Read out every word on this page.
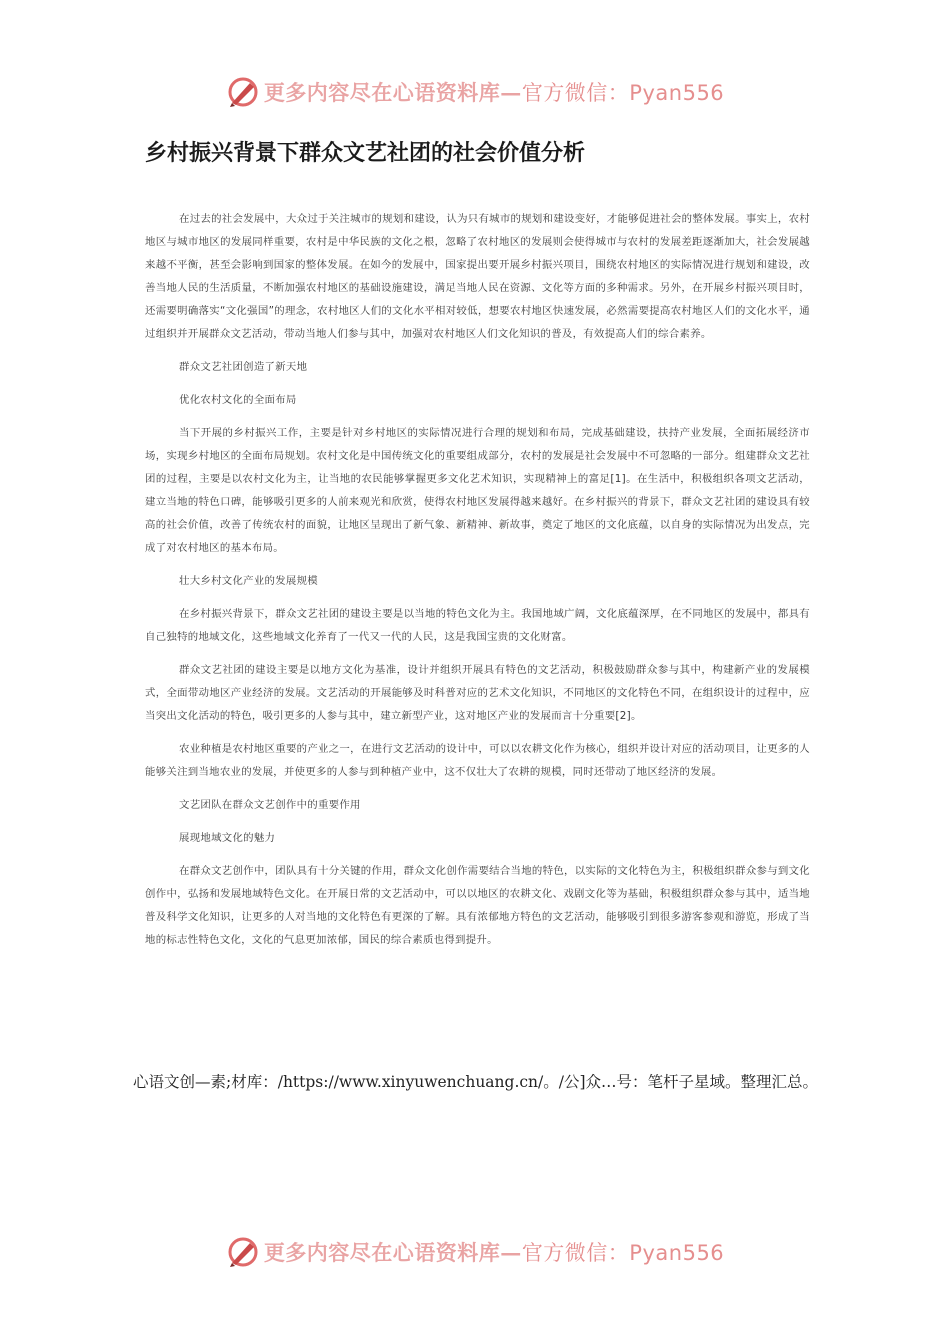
更多内容尽在心语资料库—官方微信：Pyan556
乡村振兴背景下群众文艺社团的社会价值分析

在过去的社会发展中，大众过于关注城市的规划和建设，认为只有城市的规划和建设变好，才能够促进社会的整体发展。事实上，农村地区与城市地区的发展同样重要，农村是中华民族的文化之根，忽略了农村地区的发展则会使得城市与农村的发展差距逐渐加大，社会发展越来越不平衡，甚至会影响到国家的整体发展。在如今的发展中，国家提出要开展乡村振兴项目，围绕农村地区的实际情况进行规划和建设，改善当地人民的生活质量，不断加强农村地区的基础设施建设，满足当地人民在资源、文化等方面的多种需求。另外，在开展乡村振兴项目时，还需要明确落实“文化强国”的理念，农村地区人们的文化水平相对较低，想要农村地区快速发展，必然需要提高农村地区人们的文化水平，通过组织并开展群众文艺活动，带动当地人们参与其中，加强对农村地区人们文化知识的普及，有效提高人们的综合素养。

群众文艺社团创造了新天地

优化农村文化的全面布局

当下开展的乡村振兴工作，主要是针对乡村地区的实际情况进行合理的规划和布局，完成基础建设，扶持产业发展，全面拓展经济市场，实现乡村地区的全面布局规划。农村文化是中国传统文化的重要组成部分，农村的发展是社会发展中不可忽略的一部分。组建群众文艺社团的过程，主要是以农村文化为主，让当地的农民能够掌握更多文化艺术知识，实现精神上的富足[1]。在生活中，积极组织各项文艺活动，建立当地的特色口碑，能够吸引更多的人前来观光和欣赏，使得农村地区发展得越来越好。在乡村振兴的背景下，群众文艺社团的建设具有较高的社会价值，改善了传统农村的面貌，让地区呈现出了新气象、新精神、新故事，奠定了地区的文化底蕴，以自身的实际情况为出发点，完成了对农村地区的基本布局。

壮大乡村文化产业的发展规模

在乡村振兴背景下，群众文艺社团的建设主要是以当地的特色文化为主。我国地域广阔，文化底蕴深厚，在不同地区的发展中，都具有自己独特的地域文化，这些地域文化养育了一代又一代的人民，这是我国宝贵的文化财富。

群众文艺社团的建设主要是以地方文化为基准，设计并组织开展具有特色的文艺活动，积极鼓励群众参与其中，构建新产业的发展模式，全面带动地区产业经济的发展。文艺活动的开展能够及时科普对应的艺术文化知识，不同地区的文化特色不同，在组织设计的过程中，应当突出文化活动的特色，吸引更多的人参与其中，建立新型产业，这对地区产业的发展而言十分重要[2]。

农业种植是农村地区重要的产业之一，在进行文艺活动的设计中，可以以农耕文化作为核心，组织并设计对应的活动项目，让更多的人能够关注到当地农业的发展，并使更多的人参与到种植产业中，这不仅壮大了农耕的规模，同时还带动了地区经济的发展。

文艺团队在群众文艺创作中的重要作用

展现地域文化的魅力

在群众文艺创作中，团队具有十分关键的作用，群众文化创作需要结合当地的特色，以实际的文化特色为主，积极组织群众参与到文化创作中，弘扬和发展地域特色文化。在开展日常的文艺活动中，可以以地区的农耕文化、戏剧文化等为基础，积极组织群众参与其中，适当地普及科学文化知识，让更多的人对当地的文化特色有更深的了解。具有浓郁地方特色的文艺活动，能够吸引到很多游客参观和游览，形成了当地的标志性特色文化，文化的气息更加浓郁，国民的综合素质也得到提升。

心语文创—素;材库：/https://www.xinyuwenchuang.cn/。/公]众…号：笔杆子星域。整理汇总。

更多内容尽在心语资料库—官方微信：Pyan556
